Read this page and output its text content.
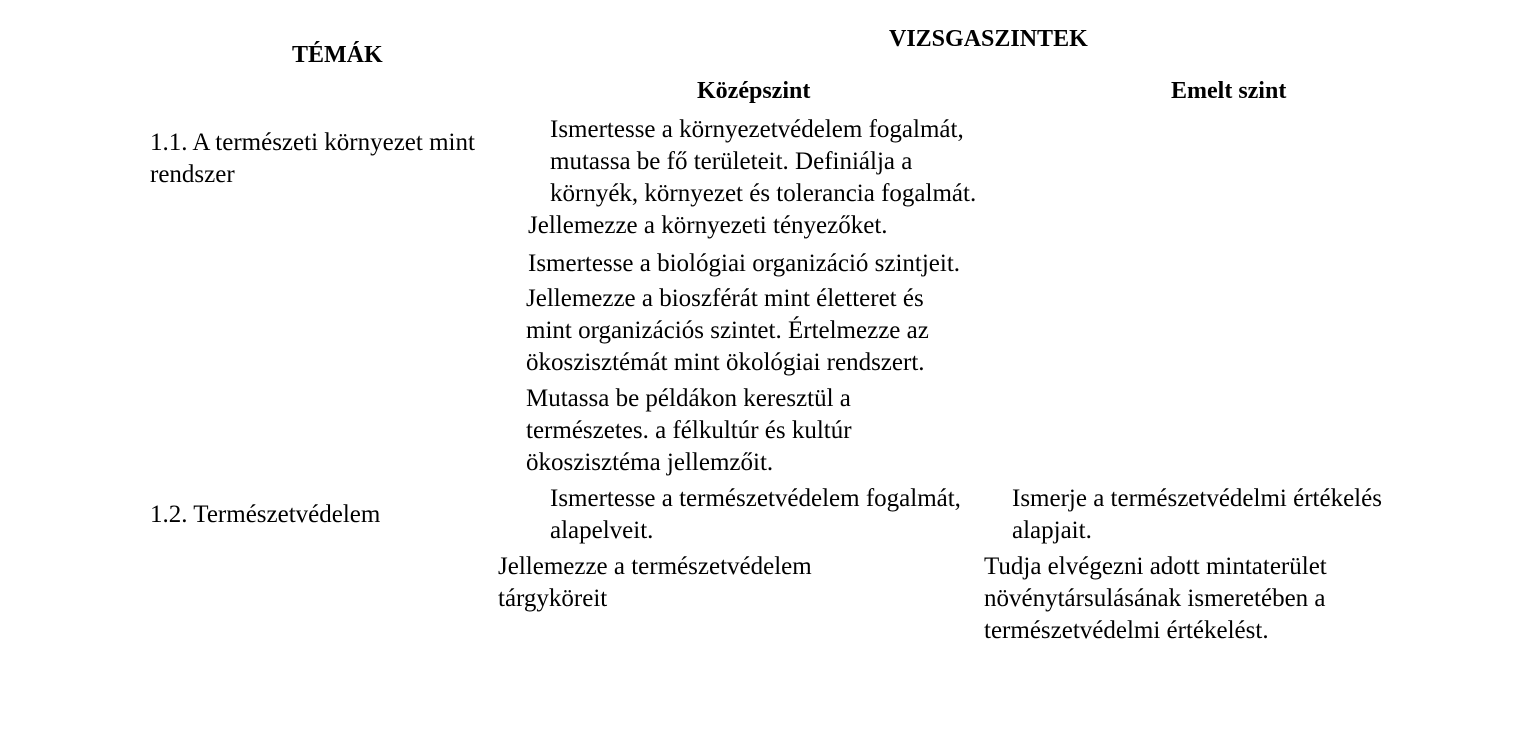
TÉMÁK
VIZSGASZINTEK
Középszint	Emelt szint
1.1. A természeti környezet mint
rendszer
1.2. Természetvédelem
Ismertesse a környezetvédelem fogalmát,
mutassa be fő területeit. Definiálja a
környék, környezet és tolerancia fogalmát.
Jellemezze a környezeti tényezőket.
Ismertesse a biológiai organizáció szintjeit.
Jellemezze a bioszférát mint életteret és
mint organizációs szintet. Értelmezze az
ökoszisztémát mint ökológiai rendszert.
Mutassa be példákon keresztül a
természetes. a félkultúr és kultúr
ökoszisztéma jellemzőit.
Ismertesse a természetvédelem fogalmát,
alapelveit.
Jellemezze a természetvédelem
tárgyköreit
Ismerje a természetvédelmi értékelés
alapjait.
Tudja elvégezni adott mintaterület
növénytársulásának ismeretében a
természetvédelmi értékelést.
